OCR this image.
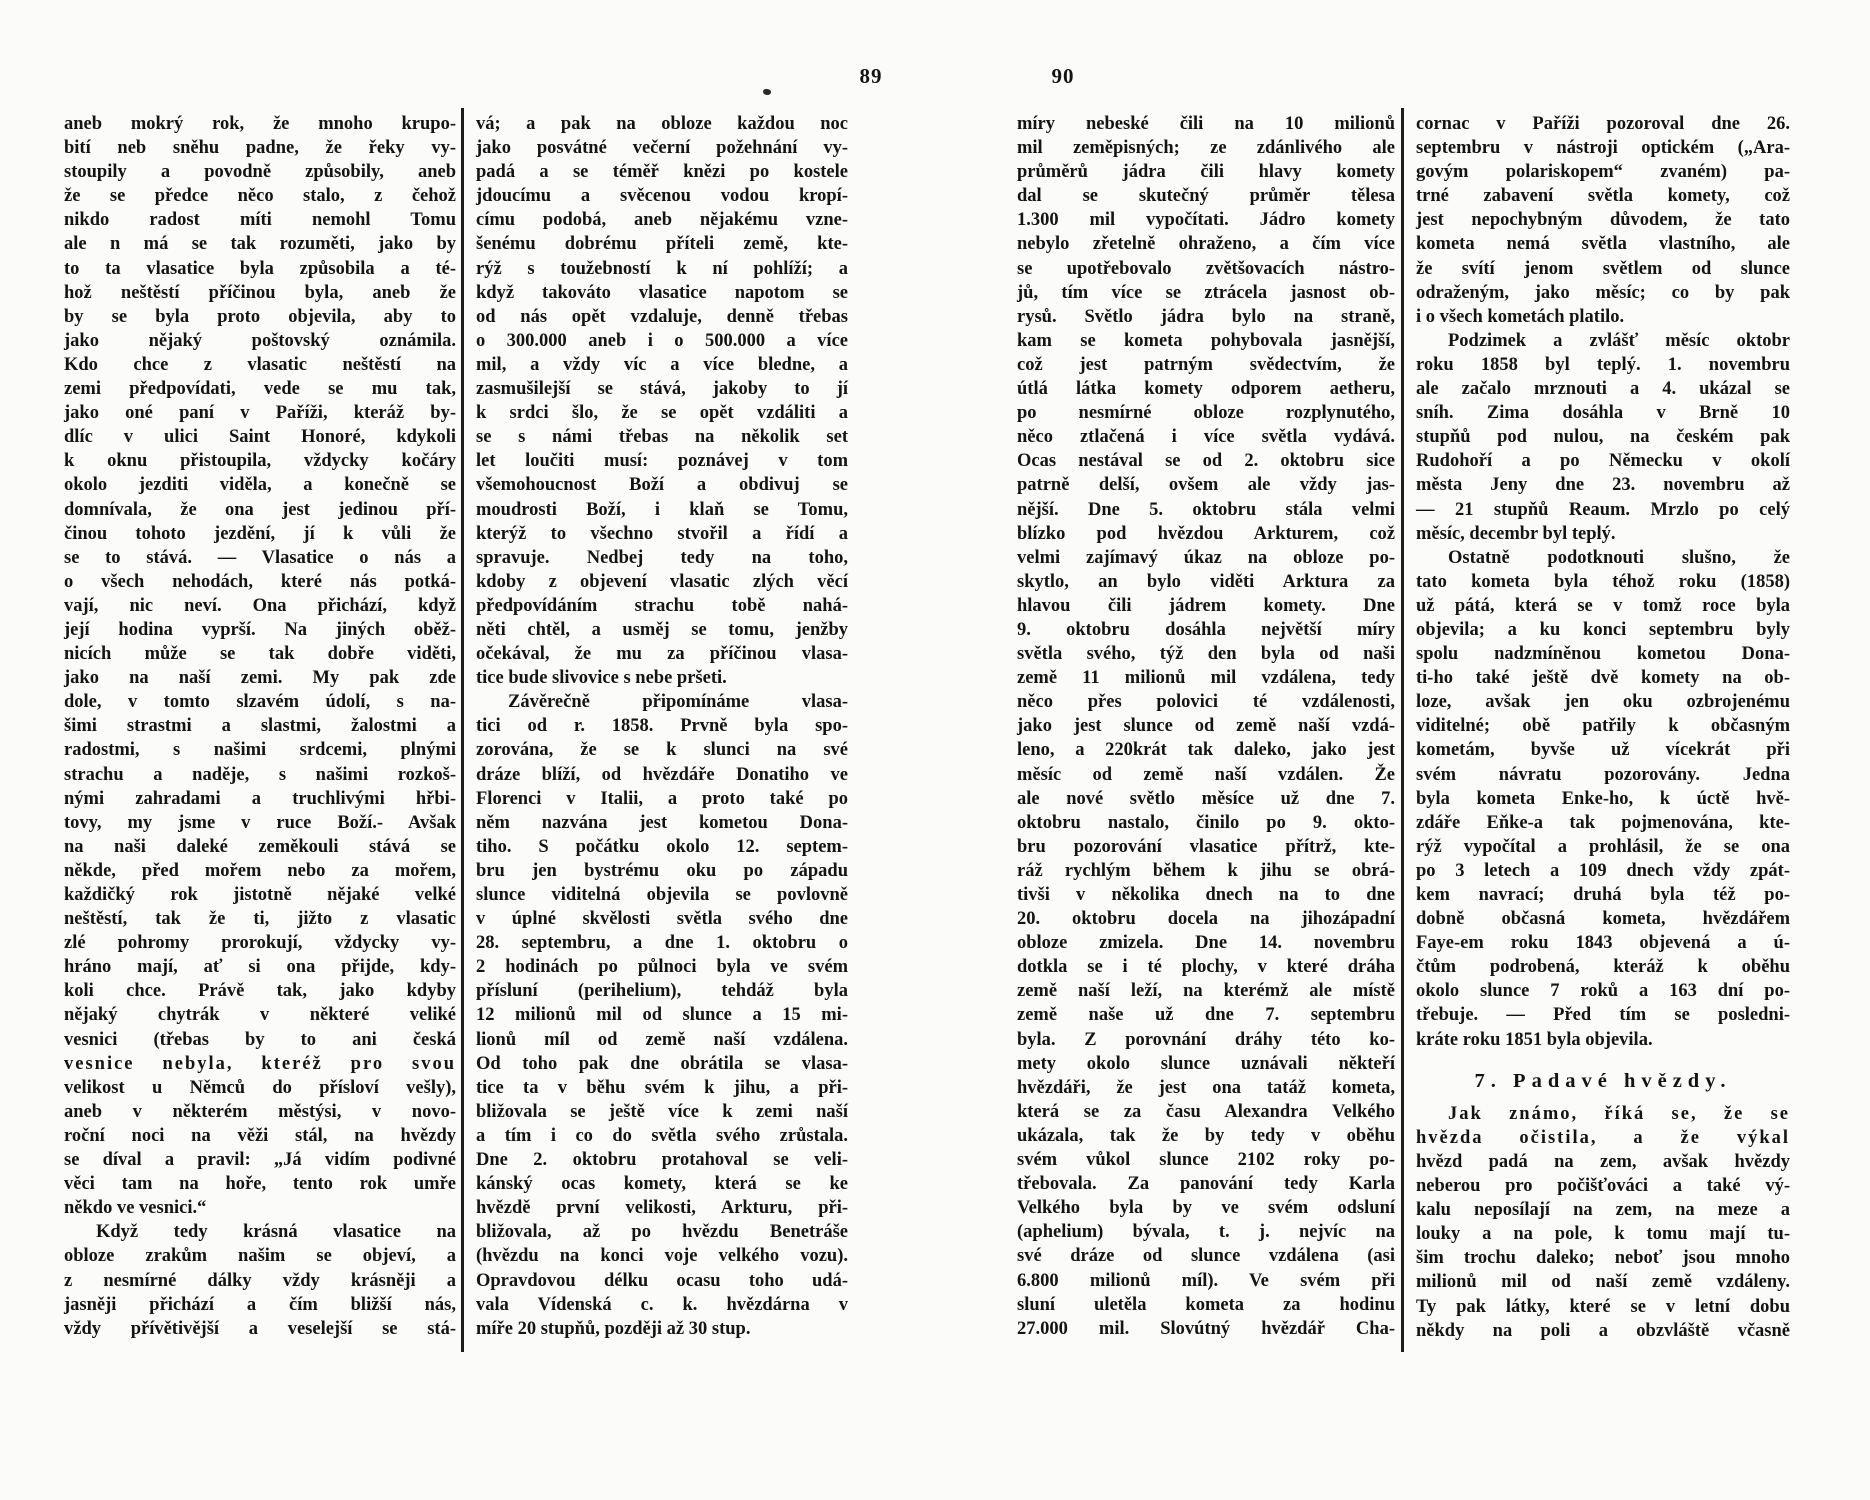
89	90
aneb mokrý rok, že mnoho krupo-
bití neb sněhu padne, že řeky vy-
stoupily a povodně způsobily, aneb
že se předce něco stalo, z čehož
nikdo radost míti nemohl Tomu
ale n má se tak rozuměti, jako by
to ta vlasatice byla způsobila a té-
hož neštěstí příčinou byla, aneb že
by se byla proto objevila, aby to
jako nějaký poštovský oznámila.
Kdo chce z vlasatic neštěstí na
zemi předpovídati, vede se mu tak,
jako oné paní v Paříži, kteráž by-
dlíc v ulici Saint Honoré, kdykoli
k oknu přistoupila, vždycky kočáry
okolo jezditi viděla, a konečně se
domnívala, že ona jest jedinou pří-
činou tohoto jezdění, jí k vůli že
se to stává. — Vlasatice o nás a
o všech nehodách, které nás potká-
vají, nic neví. Ona přichází, když
její hodina vyprší. Na jiných oběž-
nicích může se tak dobře viděti,
jako na naší zemi. My pak zde
dole, v tomto slzavém údolí, s na-
šimi strastmi a slastmi, žalostmi a
radostmi, s našimi srdcemi, plnými
strachu a naděje, s našimi rozkoš-
nými zahradami a truchlivými hřbi-
tovy, my jsme v ruce Boží.- Avšak
na naši daleké zeměkouli stává se
někde, před mořem nebo za mořem,
každičký rok jistotně nějaké velké
neštěstí, tak že ti, jižto z vlasatic
zlé pohromy prorokují, vždycky vy-
hráno mají, ať si ona přijde, kdy-
koli chce. Právě tak, jako kdyby
nějaký chytrák v některé veliké
vesnici (třebas by to ani česká
vesnice nebyla, kteréž pro svou
velikost u Němců do přísloví vešly),
aneb v některém městýsi, v novo-
roční noci na věži stál, na hvězdy
se díval a pravil: „Já vidím podivné
věci tam na hoře, tento rok umře
někdo ve vesnici.“
Když tedy krásná vlasatice na
obloze zrakům našim se objeví, a
z nesmírné dálky vždy krásněji a
jasněji přichází a čím bližší nás,
vždy přívětivější a veselejší se stá-
vá; a pak na obloze každou noc
jako posvátné večerní požehnání vy-
padá a se téměř knězi po kostele
jdoucímu a svěcenou vodou kropí-
címu podobá, aneb nějakému vzne-
šenému dobrému příteli země, kte-
rýž s toužebností k ní pohlíží; a
když takováto vlasatice napotom se
od nás opět vzdaluje, denně třebas
o 300.000 aneb i o 500.000 a více
mil, a vždy víc a více bledne, a
zasmušilejší se stává, jakoby to jí
k srdci šlo, že se opět vzdáliti a
se s námi třebas na několik set
let loučiti musí: poznávej v tom
všemohoucnost Boží a obdivuj se
moudrosti Boží, i klaň se Tomu,
kterýž to všechno stvořil a řídí a
spravuje. Nedbej tedy na toho,
kdoby z objevení vlasatic zlých věcí
předpovídáním strachu tobě nahá-
něti chtěl, a usměj se tomu, jenžby
očekával, že mu za příčinou vlasa-
tice bude slivovice s nebe pršeti.
Závěrečně připomínáme vlasa-
tici od r. 1858. Prvně byla spo-
zorována, že se k slunci na své
dráze blíží, od hvězdáře Donatiho ve
Florenci v Italii, a proto také po
něm nazvána jest kometou Dona-
tiho. S počátku okolo 12. septem-
bru jen bystrému oku po západu
slunce viditelná objevila se povlovně
v úplné skvělosti světla svého dne
28. septembru, a dne 1. oktobru o
2 hodinách po půlnoci byla ve svém
přísluní (perihelium), tehdáž byla
12 milionů mil od slunce a 15 mi-
lionů míl od země naší vzdálena.
Od toho pak dne obrátila se vlasa-
tice ta v běhu svém k jihu, a při-
bližovala se ještě více k zemi naší
a tím i co do světla svého zrůstala.
Dne 2. oktobru protahoval se veli-
kánský ocas komety, která se ke
hvězdě první velikosti, Arkturu, při-
bližovala, až po hvězdu Benetráše
(hvězdu na konci voje velkého vozu).
Opravdovou délku ocasu toho udá-
vala Vídenská c. k. hvězdárna v
míře 20 stupňů, později až 30 stup.
míry nebeské čili na 10 milionů
mil zeměpisných; ze zdánlivého ale
průměrů jádra čili hlavy komety
dal se skutečný průměr tělesa
1.300 mil vypočítati. Jádro komety
nebylo zřetelně ohraženo, a čím více
se upotřebovalo zvětšovacích nástro-
jů, tím více se ztrácela jasnost ob-
rysů. Světlo jádra bylo na straně,
kam se kometa pohybovala jasnější,
což jest patrným svědectvím, že
útlá látka komety odporem aetheru,
po nesmírné obloze rozplynutého,
něco ztlačená i více světla vydává.
Ocas nestával se od 2. oktobru sice
patrně delší, ovšem ale vždy jas-
nější. Dne 5. oktobru stála velmi
blízko pod hvězdou Arkturem, což
velmi zajímavý úkaz na obloze po-
skytlo, an bylo viděti Arktura za
hlavou čili jádrem komety. Dne
9. oktobru dosáhla největší míry
světla svého, týž den byla od naši
země 11 milionů mil vzdálena, tedy
něco přes polovici té vzdálenosti,
jako jest slunce od země naší vzdá-
leno, a 220krát tak daleko, jako jest
měsíc od země naší vzdálen. Že
ale nové světlo měsíce už dne 7.
oktobru nastalo, činilo po 9. okto-
bru pozorování vlasatice přítrž, kte-
ráž rychlým během k jihu se obrá-
tivši v několika dnech na to dne
20. oktobru docela na jihozápadní
obloze zmizela. Dne 14. novembru
dotkla se i té plochy, v které dráha
země naší leží, na kterémž ale místě
země naše už dne 7. septembru
byla. Z porovnání dráhy této ko-
mety okolo slunce uznávali někteří
hvězdáři, že jest ona tatáž kometa,
která se za času Alexandra Velkého
ukázala, tak že by tedy v oběhu
svém vůkol slunce 2102 roky po-
třebovala. Za panování tedy Karla
Velkého byla by ve svém odsluní
(aphelium) bývala, t. j. nejvíc na
své dráze od slunce vzdálena (asi
6.800 milionů míl). Ve svém při
sluní uletěla kometa za hodinu
27.000 mil. Slovútný hvězdář Cha-
cornac v Paříži pozoroval dne 26.
septembru v nástroji optickém („Ara-
govým polariskopem“ zvaném) pa-
trné zabavení světla komety, což
jest nepochybným důvodem, že tato
kometa nemá světla vlastního, ale
že svítí jenom světlem od slunce
odraženým, jako měsíc; co by pak
i o všech kometách platilo.
Podzimek a zvlášť měsíc oktobr
roku 1858 byl teplý. 1. novembru
ale začalo mrznouti a 4. ukázal se
sníh. Zima dosáhla v Brně 10
stupňů pod nulou, na českém pak
Rudohoří a po Německu v okolí
města Jeny dne 23. novembru až
— 21 stupňů Reaum. Mrzlo po celý
měsíc, decembr byl teplý.
Ostatně podotknouti slušno, že
tato kometa byla téhož roku (1858)
už pátá, která se v tomž roce byla
objevila; a ku konci septembru byly
spolu nadzmíněnou kometou Dona-
ti-ho také ještě dvě komety na ob-
loze, avšak jen oku ozbrojenému
viditelné; obě patřily k občasným
kometám, byvše už vícekrát při
svém návratu pozorovány. Jedna
byla kometa Enke-ho, k úctě hvě-
zdáře Eňke-a tak pojmenována, kte-
rýž vypočítal a prohlásil, že se ona
po 3 letech a 109 dnech vždy zpát-
kem navrací; druhá byla též po-
dobně občasná kometa, hvězdářem
Faye-em roku 1843 objevená a ú-
čtům podrobená, kteráž k oběhu
okolo slunce 7 roků a 163 dní po-
třebuje. — Před tím se posledni-
kráte roku 1851 byla objevila.
7. Padavé hvězdy.
Jak známo, říká se, že se
hvězda očistila, a že výkal
hvězd padá na zem, avšak hvězdy
neberou pro počišťováci a také vý-
kalu neposílají na zem, na meze a
louky a na pole, k tomu mají tu-
šim trochu daleko; neboť jsou mnoho
milionů mil od naší země vzdáleny.
Ty pak látky, které se v letní dobu
někdy na poli a obzvláště včasně
